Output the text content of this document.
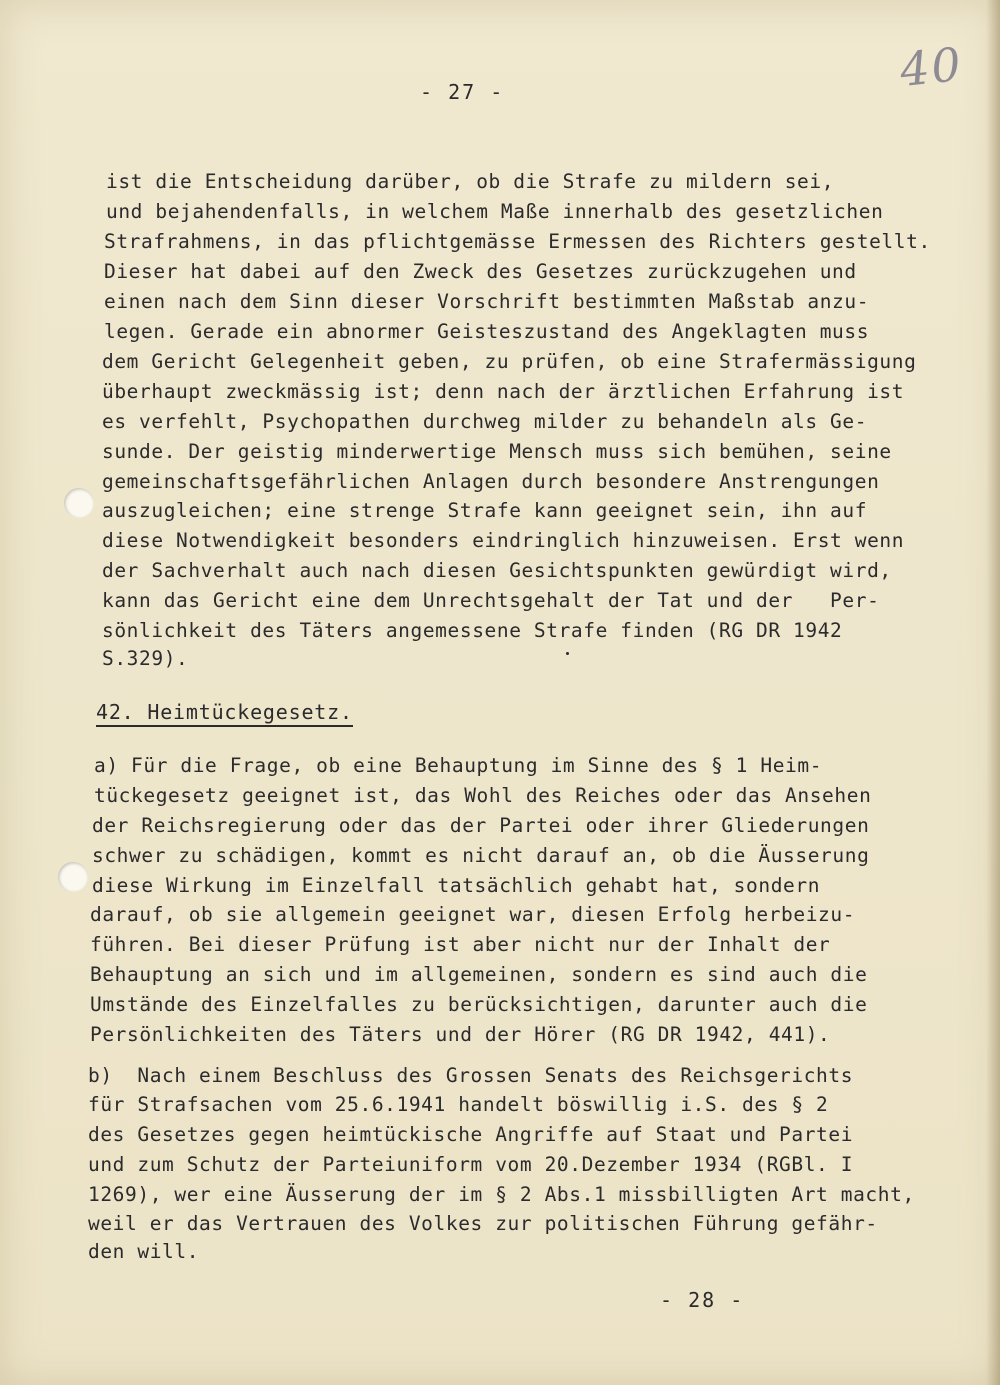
- 27 -	40
ist die Entscheidung darüber, ob die Strafe zu mildern sei,
und bejahendenfalls, in welchem Maße innerhalb des gesetzlichen
Strafrahmens, in das pflichtgemässe Ermessen des Richters gestellt.
Dieser hat dabei auf den Zweck des Gesetzes zurückzugehen und
einen nach dem Sinn dieser Vorschrift bestimmten Maßstab anzu-
legen. Gerade ein abnormer Geisteszustand des Angeklagten muss
dem Gericht Gelegenheit geben, zu prüfen, ob eine Strafermässigung
überhaupt zweckmässig ist; denn nach der ärztlichen Erfahrung ist
es verfehlt, Psychopathen durchweg milder zu behandeln als Ge-
sunde. Der geistig minderwertige Mensch muss sich bemühen, seine
gemeinschaftsgefährlichen Anlagen durch besondere Anstrengungen
auszugleichen; eine strenge Strafe kann geeignet sein, ihn auf
diese Notwendigkeit besonders eindringlich hinzuweisen. Erst wenn
der Sachverhalt auch nach diesen Gesichtspunkten gewürdigt wird,
kann das Gericht eine dem Unrechtsgehalt der Tat und der   Per-
sönlichkeit des Täters angemessene Strafe finden (RG DR 1942
S.329).
42. Heimtückegesetz.
a) Für die Frage, ob eine Behauptung im Sinne des § 1 Heim-
tückegesetz geeignet ist, das Wohl des Reiches oder das Ansehen
der Reichsregierung oder das der Partei oder ihrer Gliederungen
schwer zu schädigen, kommt es nicht darauf an, ob die Äusserung
diese Wirkung im Einzelfall tatsächlich gehabt hat, sondern
darauf, ob sie allgemein geeignet war, diesen Erfolg herbeizu-
führen. Bei dieser Prüfung ist aber nicht nur der Inhalt der
Behauptung an sich und im allgemeinen, sondern es sind auch die
Umstände des Einzelfalles zu berücksichtigen, darunter auch die
Persönlichkeiten des Täters und der Hörer (RG DR 1942, 441).
b)  Nach einem Beschluss des Grossen Senats des Reichsgerichts
für Strafsachen vom 25.6.1941 handelt böswillig i.S. des § 2
des Gesetzes gegen heimtückische Angriffe auf Staat und Partei
und zum Schutz der Parteiuniform vom 20.Dezember 1934 (RGBl. I
1269), wer eine Äusserung der im § 2 Abs.1 missbilligten Art macht,
weil er das Vertrauen des Volkes zur politischen Führung gefähr-
den will.
- 28 -
